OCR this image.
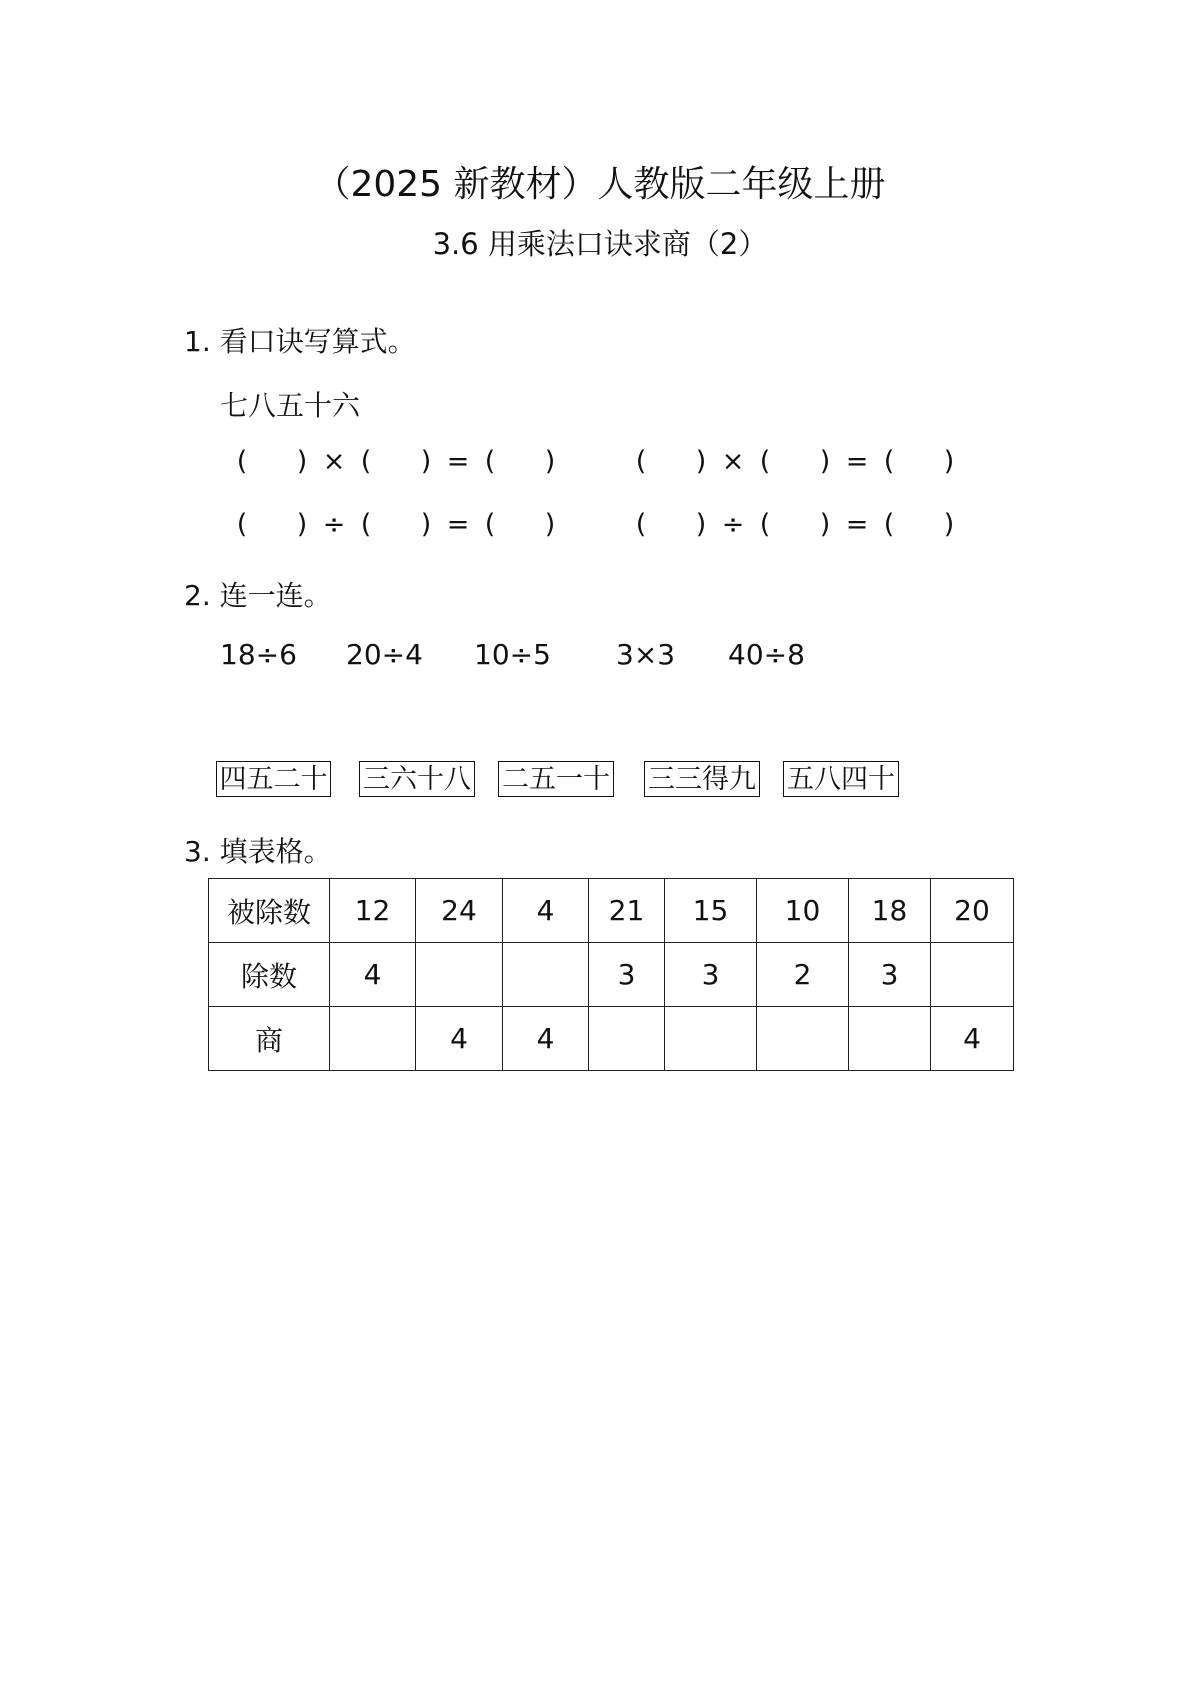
（2025 新教材）人教版二年级上册
3.6 用乘法口诀求商（2）
1. 看口诀写算式。
七八五十六
( ) × ( ) = ( )	( ) × ( ) = ( )
( ) ÷ ( ) = ( )	( ) ÷ ( ) = ( )
2. 连一连。
18÷6 20÷4 10÷5 3×3 40÷8
四五二十 三六十八 二五一十 三三得九 五八四十
3. 填表格。
被除数	12	24	4	21	15	10	18	20
除数	4			3	3	2	3	
商		4	4					4
